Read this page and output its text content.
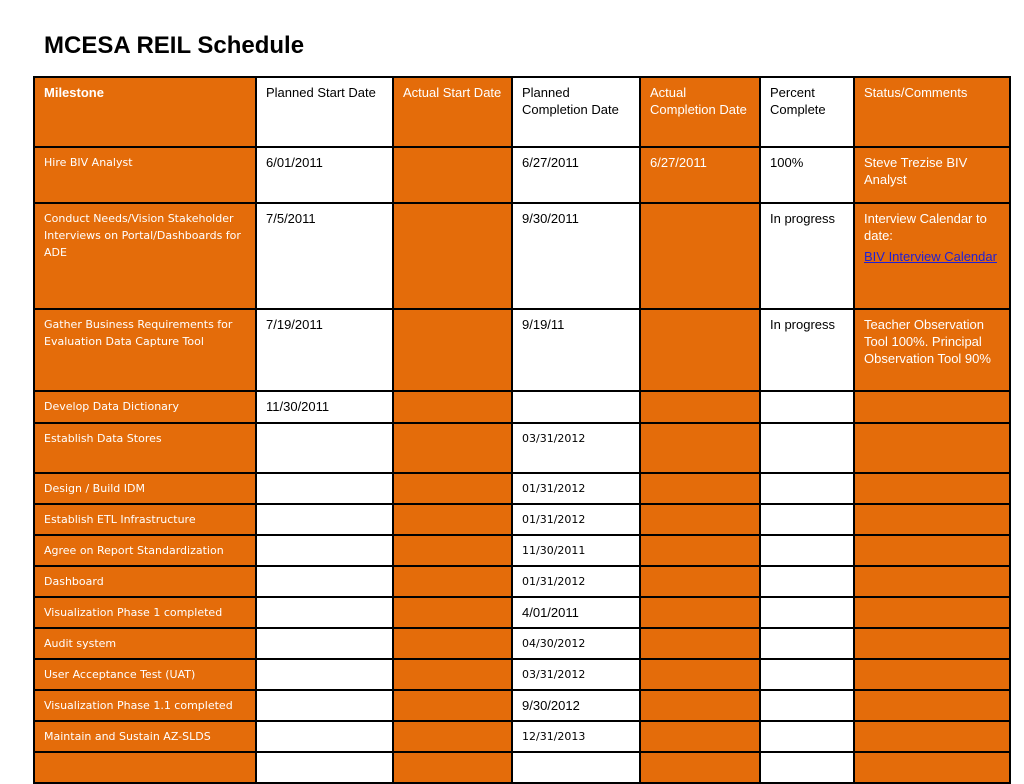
MCESA REIL Schedule
Milestone	Planned Start Date	Actual Start Date	Planned Completion Date	Actual Completion Date	Percent Complete	Status/Comments
Hire BIV Analyst	6/01/2011		6/27/2011	6/27/2011	100%	Steve Trezise BIV Analyst
Conduct Needs/Vision Stakeholder Interviews on Portal/Dashboards for ADE	7/5/2011		9/30/2011		In progress	Interview Calendar to date:
BIV Interview Calendar

Gather Business Requirements for Evaluation Data Capture Tool	7/19/2011		9/19/11		In progress	Teacher Observation Tool 100%. Principal Observation Tool 90%
Develop Data Dictionary	11/30/2011					
Establish Data Stores			03/31/2012			
Design / Build IDM			01/31/2012			
Establish ETL Infrastructure			01/31/2012			
Agree on Report Standardization			11/30/2011			
Dashboard			01/31/2012			
Visualization Phase 1 completed			4/01/2011			
Audit system			04/30/2012			
User Acceptance Test (UAT)			03/31/2012			
Visualization Phase 1.1 completed			9/30/2012			
Maintain and Sustain AZ-SLDS			12/31/2013			
